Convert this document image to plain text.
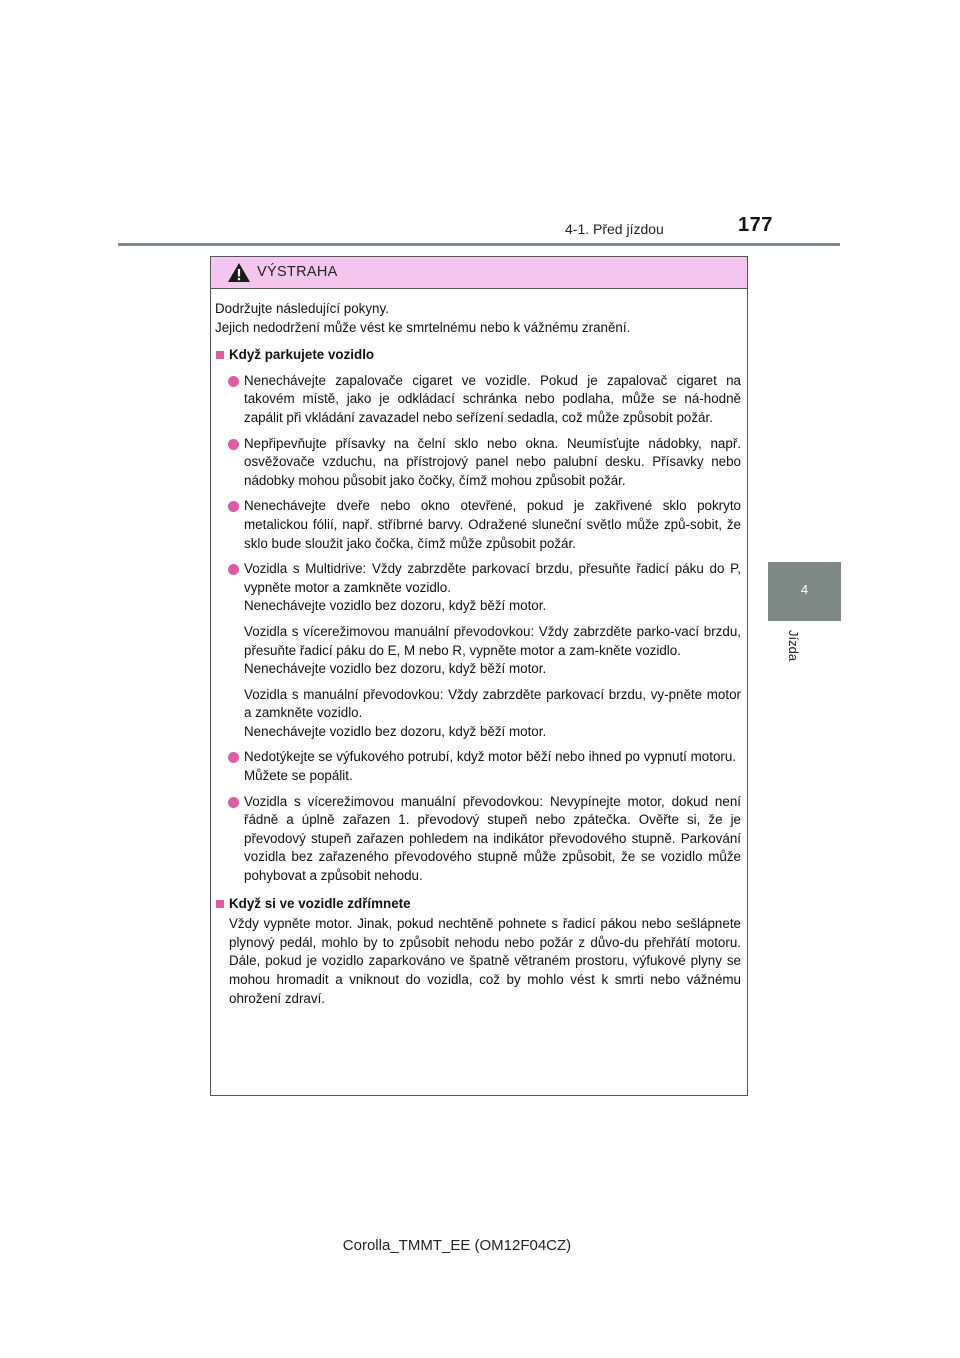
4-1. Před jízdou	177
4
Jízda
VÝSTRAHA

Dodržujte následující pokyny.

Jejich nedodržení může vést ke smrtelnému nebo k vážnému zranění.

Když parkujete vozidlo
Nenechávejte zapalovače cigaret ve vozidle. Pokud je zapalovač cigaret na takovém místě, jako je odkládací schránka nebo podlaha, může se ná-hodně zapálit při vkládání zavazadel nebo seřízení sedadla, což může způsobit požár.
Nepřipevňujte přísavky na čelní sklo nebo okna. Neumísťujte nádobky, např. osvěžovače vzduchu, na přístrojový panel nebo palubní desku. Přísavky nebo nádobky mohou působit jako čočky, čímž mohou způsobit požár.
Nenechávejte dveře nebo okno otevřené, pokud je zakřivené sklo pokryto metalickou fólií, např. stříbrné barvy. Odražené sluneční světlo může způ-sobit, že sklo bude sloužit jako čočka, čímž může způsobit požár.
Vozidla s Multidrive: Vždy zabrzděte parkovací brzdu, přesuňte řadicí páku do P, vypněte motor a zamkněte vozidlo.
Nenechávejte vozidlo bez dozoru, když běží motor.
Vozidla s vícerežimovou manuální převodovkou: Vždy zabrzděte parko-vací brzdu, přesuňte řadicí páku do E, M nebo R, vypněte motor a zam-kněte vozidlo.
Nenechávejte vozidlo bez dozoru, když běží motor.
Vozidla s manuální převodovkou: Vždy zabrzděte parkovací brzdu, vy-pněte motor a zamkněte vozidlo.
Nenechávejte vozidlo bez dozoru, když běží motor.
Nedotýkejte se výfukového potrubí, když motor běží nebo ihned po vypnutí motoru.
Můžete se popálit.
Vozidla s vícerežimovou manuální převodovkou: Nevypínejte motor, dokud není řádně a úplně zařazen 1. převodový stupeň nebo zpátečka. Ověřte si, že je převodový stupeň zařazen pohledem na indikátor převodového stupně. Parkování vozidla bez zařazeného převodového stupně může způsobit, že se vozidlo může pohybovat a způsobit nehodu.
Když si ve vozidle zdřímnete
Vždy vypněte motor. Jinak, pokud nechtěně pohnete s řadicí pákou nebo sešlápnete plynový pedál, mohlo by to způsobit nehodu nebo požár z důvo-du přehřátí motoru. Dále, pokud je vozidlo zaparkováno ve špatně větraném prostoru, výfukové plyny se mohou hromadit a vniknout do vozidla, což by mohlo vést k smrti nebo vážnému ohrožení zdraví.
Corolla_TMMT_EE (OM12F04CZ)
